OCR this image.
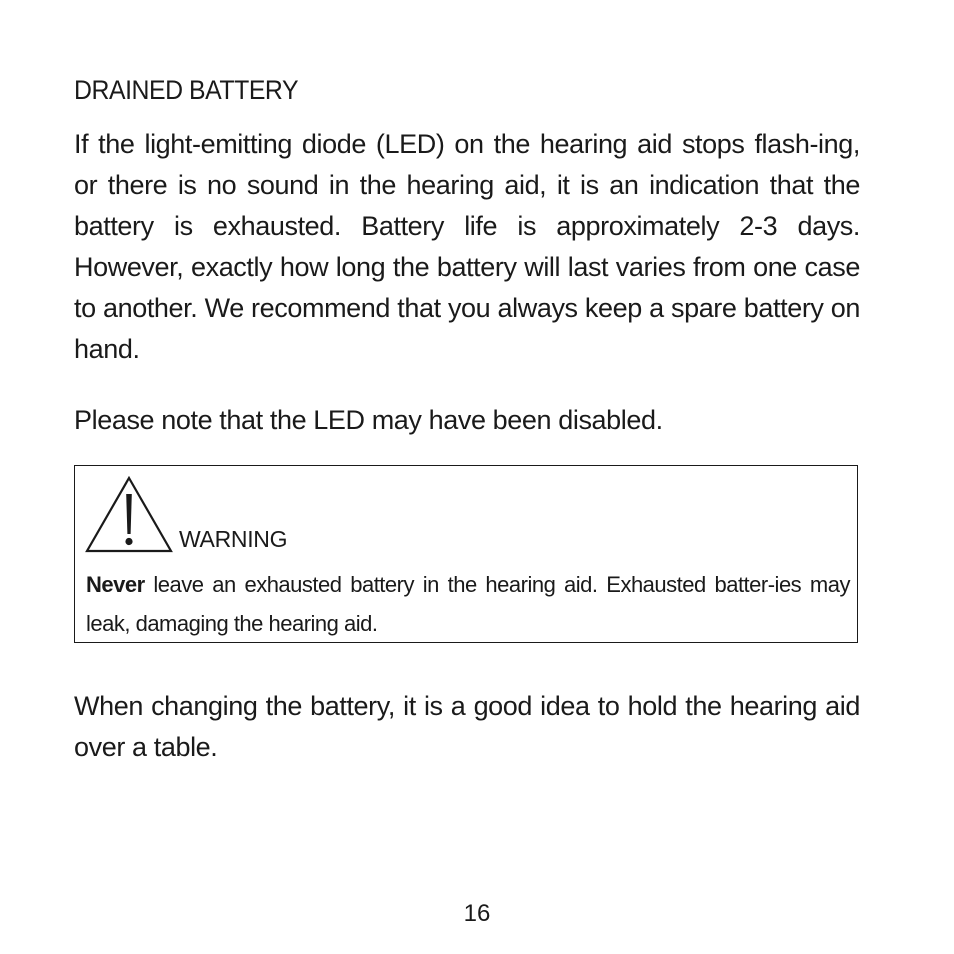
DRAINED BATTERY

If the light-emitting diode (LED) on the hearing aid stops flash-ing, or there is no sound in the hearing aid, it is an indication that the battery is exhausted. Battery life is approximately 2-3 days. However, exactly how long the battery will last varies from one case to another. We recommend that you always keep a spare battery on hand.

Please note that the LED may have been disabled.

WARNING

Never leave an exhausted battery in the hearing aid. Exhausted batter-ies may leak, damaging the hearing aid.

When changing the battery, it is a good idea to hold the hearing aid over a table.

16
